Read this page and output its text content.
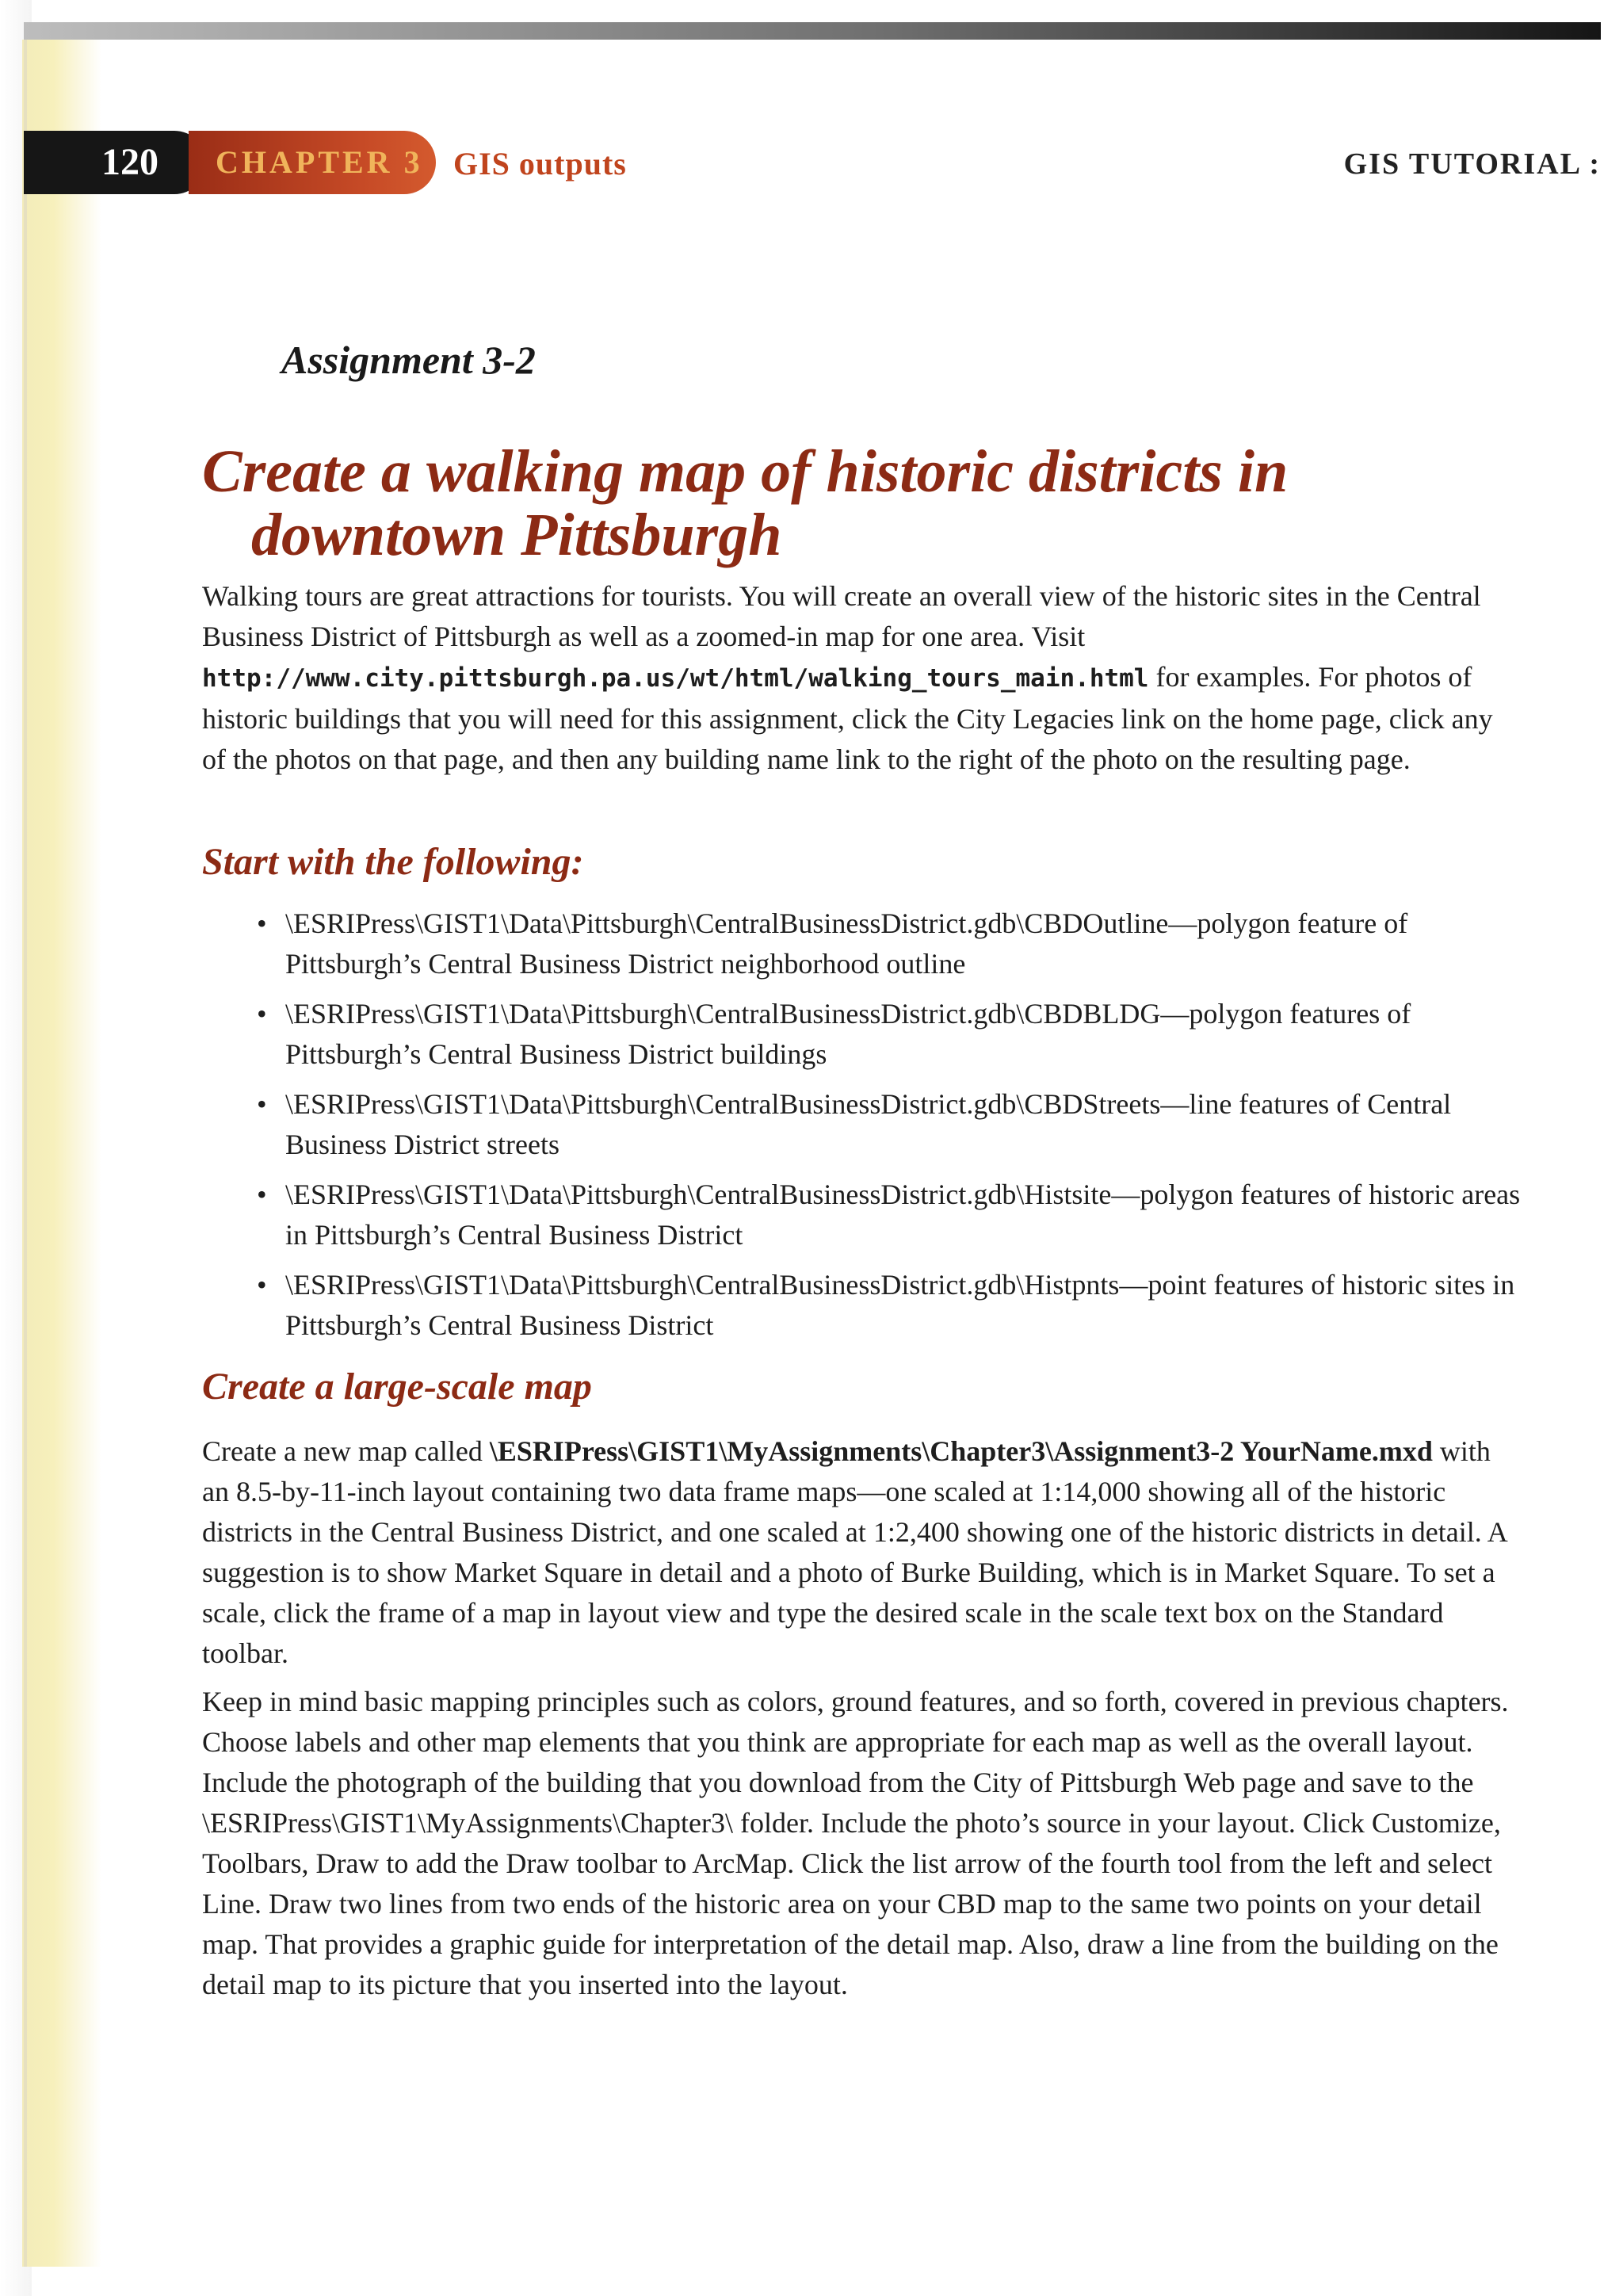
120	CHAPTER 3 GIS outputs	GIS TUTORIAL :
Assignment 3-2
Create a walking map of historic districts in
downtown Pittsburgh

Walking tours are great attractions for tourists. You will create an overall view of the historic sites in the Central Business District of Pittsburgh as well as a zoomed-in map for one area. Visit http://www.city.pittsburgh.pa.us/wt/html/walking_tours_main.html for examples. For photos of historic buildings that you will need for this assignment, click the City Legacies link on the home page, click any of the photos on that page, and then any building name link to the right of the photo on the resulting page.

Start with the following:
• \ESRIPress\GIST1\Data\Pittsburgh\CentralBusinessDistrict.gdb\CBDOutline—polygon feature of Pittsburgh’s Central Business District neighborhood outline
• \ESRIPress\GIST1\Data\Pittsburgh\CentralBusinessDistrict.gdb\CBDBLDG—polygon features of Pittsburgh’s Central Business District buildings
• \ESRIPress\GIST1\Data\Pittsburgh\CentralBusinessDistrict.gdb\CBDStreets—line features of Central Business District streets
• \ESRIPress\GIST1\Data\Pittsburgh\CentralBusinessDistrict.gdb\Histsite—polygon features of historic areas in Pittsburgh’s Central Business District
• \ESRIPress\GIST1\Data\Pittsburgh\CentralBusinessDistrict.gdb\Histpnts—point features of historic sites in Pittsburgh’s Central Business District
Create a large-scale map

Create a new map called \ESRIPress\GIST1\MyAssignments\Chapter3\Assignment3-2 YourName.mxd with an 8.5-by-11-inch layout containing two data frame maps—one scaled at 1:14,000 showing all of the historic districts in the Central Business District, and one scaled at 1:2,400 showing one of the historic districts in detail. A suggestion is to show Market Square in detail and a photo of Burke Building, which is in Market Square. To set a scale, click the frame of a map in layout view and type the desired scale in the scale text box on the Standard toolbar.

Keep in mind basic mapping principles such as colors, ground features, and so forth, covered in previous chapters. Choose labels and other map elements that you think are appropriate for each map as well as the overall layout. Include the photograph of the building that you download from the City of Pittsburgh Web page and save to the \ESRIPress\GIST1\MyAssignments\Chapter3\ folder. Include the photo’s source in your layout. Click Customize, Toolbars, Draw to add the Draw toolbar to ArcMap. Click the list arrow of the fourth tool from the left and select Line. Draw two lines from two ends of the historic area on your CBD map to the same two points on your detail map. That provides a graphic guide for interpretation of the detail map. Also, draw a line from the building on the detail map to its picture that you inserted into the layout.
